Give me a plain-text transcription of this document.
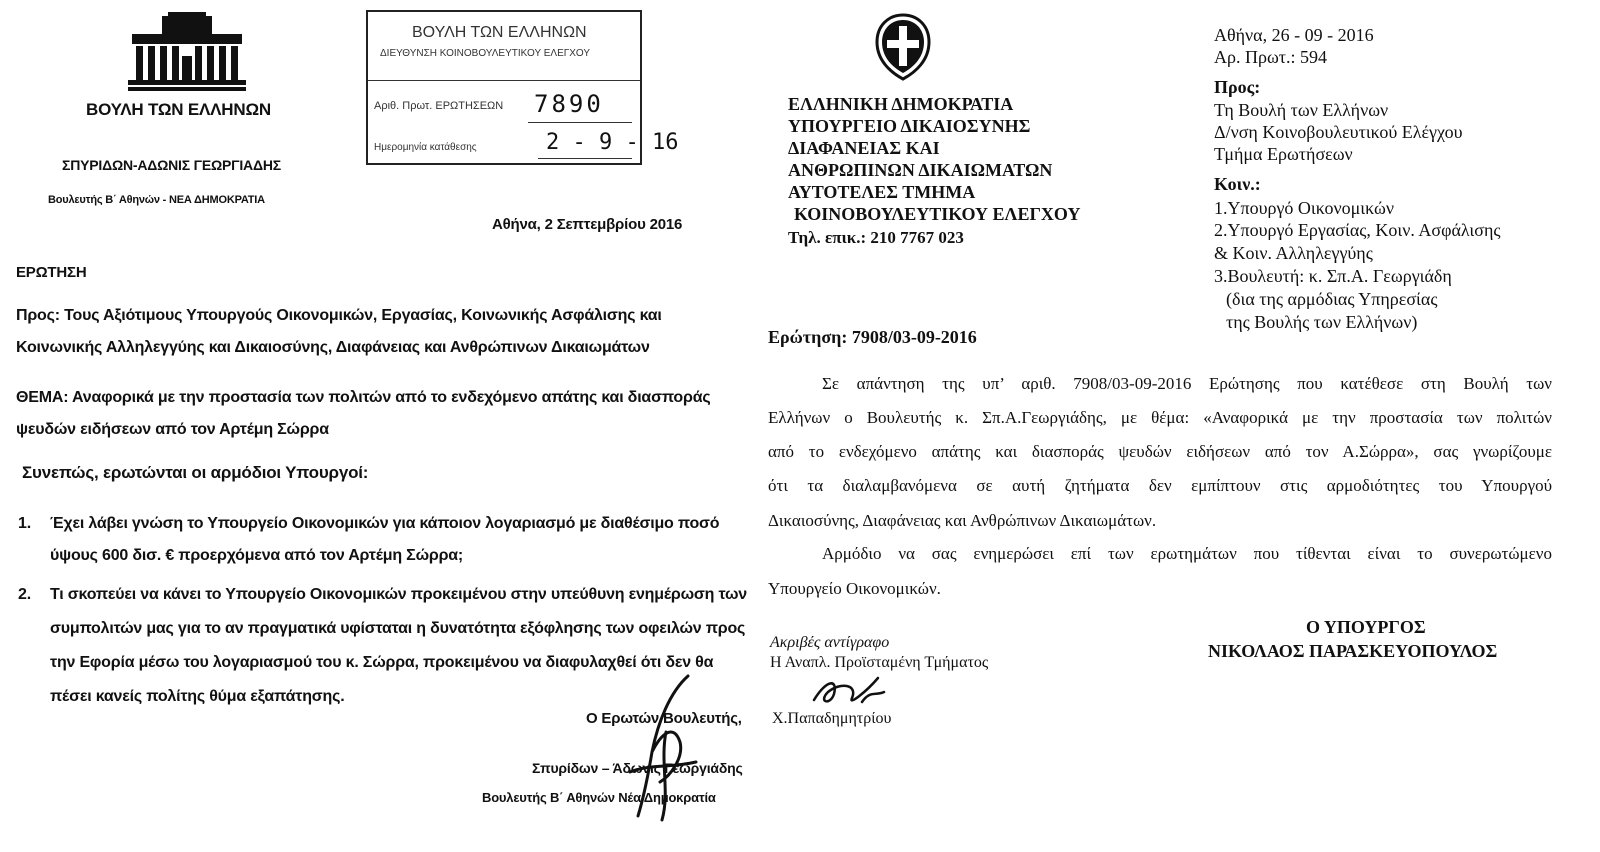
ΒΟΥΛΗ ΤΩΝ ΕΛΛΗΝΩΝ
ΣΠΥΡΙΔΩΝ-ΑΔΩΝΙΣ ΓΕΩΡΓΙΑΔΗΣ
Βουλευτής Β΄ Αθηνών - ΝΕΑ ΔΗΜΟΚΡΑΤΙΑ
Αθήνα, 2 Σεπτεμβρίου 2016
ΒΟΥΛΗ ΤΩΝ ΕΛΛΗΝΩΝ
ΔΙΕΥΘΥΝΣΗ ΚΟΙΝΟΒΟΥΛΕΥΤΙΚΟΥ ΕΛΕΓΧΟΥ
Αριθ. Πρωτ. ΕΡΩΤΗΣΕΩΝ 7890
Ημερομηνία κατάθεσης	2 - 9 - 16
ΕΡΩΤΗΣΗ
Προς: Τους Αξιότιμους Υπουργούς Οικονομικών, Εργασίας, Κοινωνικής Ασφάλισης και
Κοινωνικής Αλληλεγγύης και Δικαιοσύνης, Διαφάνειας και Ανθρώπινων Δικαιωμάτων
ΘΕΜΑ: Αναφορικά με την προστασία των πολιτών από το ενδεχόμενο απάτης και διασποράς
ψευδών ειδήσεων από τον Αρτέμη Σώρρα
Συνεπώς, ερωτώνται οι αρμόδιοι Υπουργοί:
1. Έχει λάβει γνώση το Υπουργείο Οικονομικών για κάποιον λογαριασμό με διαθέσιμο ποσό
ύψους 600 δισ. € προερχόμενα από τον Αρτέμη Σώρρα;
2. Τι σκοπεύει να κάνει το Υπουργείο Οικονομικών προκειμένου στην υπεύθυνη ενημέρωση των
συμπολιτών μας για το αν πραγματικά υφίσταται η δυνατότητα εξόφλησης των οφειλών προς
την Εφορία μέσω του λογαριασμού του κ. Σώρρα, προκειμένου να διαφυλαχθεί ότι δεν θα
πέσει κανείς πολίτης θύμα εξαπάτησης.
Ο Ερωτών Βουλευτής,
Σπυρίδων – Άδωνις Γεωργιάδης
Βουλευτής Β΄ Αθηνών Νέα Δημοκρατία
ΕΛΛΗΝΙΚΗ ΔΗΜΟΚΡΑΤΙΑ
ΥΠΟΥΡΓΕΙΟ ΔΙΚΑΙΟΣΥΝΗΣ
ΔΙΑΦΑΝΕΙΑΣ ΚΑΙ
ΑΝΘΡΩΠΙΝΩΝ ΔΙΚΑΙΩΜΑΤΩΝ
ΑΥΤΟΤΕΛΕΣ ΤΜΗΜΑ
ΚΟΙΝΟΒΟΥΛΕΥΤΙΚΟΥ ΕΛΕΓΧΟΥ
Τηλ. επικ.: 210 7767 023
Αθήνα, 26 - 09 - 2016
Αρ. Πρωτ.: 594
Προς:
Τη Βουλή των Ελλήνων
Δ/νση Κοινοβουλευτικού Ελέγχου
Τμήμα Ερωτήσεων
Κοιν.:
1.Υπουργό Οικονομικών
2.Υπουργό Εργασίας, Κοιν. Ασφάλισης
& Κοιν. Αλληλεγγύης
3.Βουλευτή: κ. Σπ.Α. Γεωργιάδη
(δια της αρμόδιας Υπηρεσίας
της Βουλής των Ελλήνων)
Ερώτηση: 7908/03-09-2016
Σε απάντηση της υπ’ αριθ. 7908/03-09-2016 Ερώτησης που κατέθεσε στη Βουλή των
Ελλήνων ο Βουλευτής κ. Σπ.Α.Γεωργιάδης, με θέμα: «Αναφορικά με την προστασία των πολιτών
από το ενδεχόμενο απάτης και διασποράς ψευδών ειδήσεων από τον Α.Σώρρα», σας γνωρίζουμε
ότι τα διαλαμβανόμενα σε αυτή ζητήματα δεν εμπίπτουν στις αρμοδιότητες του Υπουργού
Δικαιοσύνης, Διαφάνειας και Ανθρώπινων Δικαιωμάτων.
Αρμόδιο να σας ενημερώσει επί των ερωτημάτων που τίθενται είναι το συνερωτώμενο
Υπουργείο Οικονομικών.
Ακριβές αντίγραφο
Η Αναπλ. Προϊσταμένη Τμήματος
Χ.Παπαδημητρίου
Ο ΥΠΟΥΡΓΟΣ
ΝΙΚΟΛΑΟΣ ΠΑΡΑΣΚΕΥΟΠΟΥΛΟΣ
